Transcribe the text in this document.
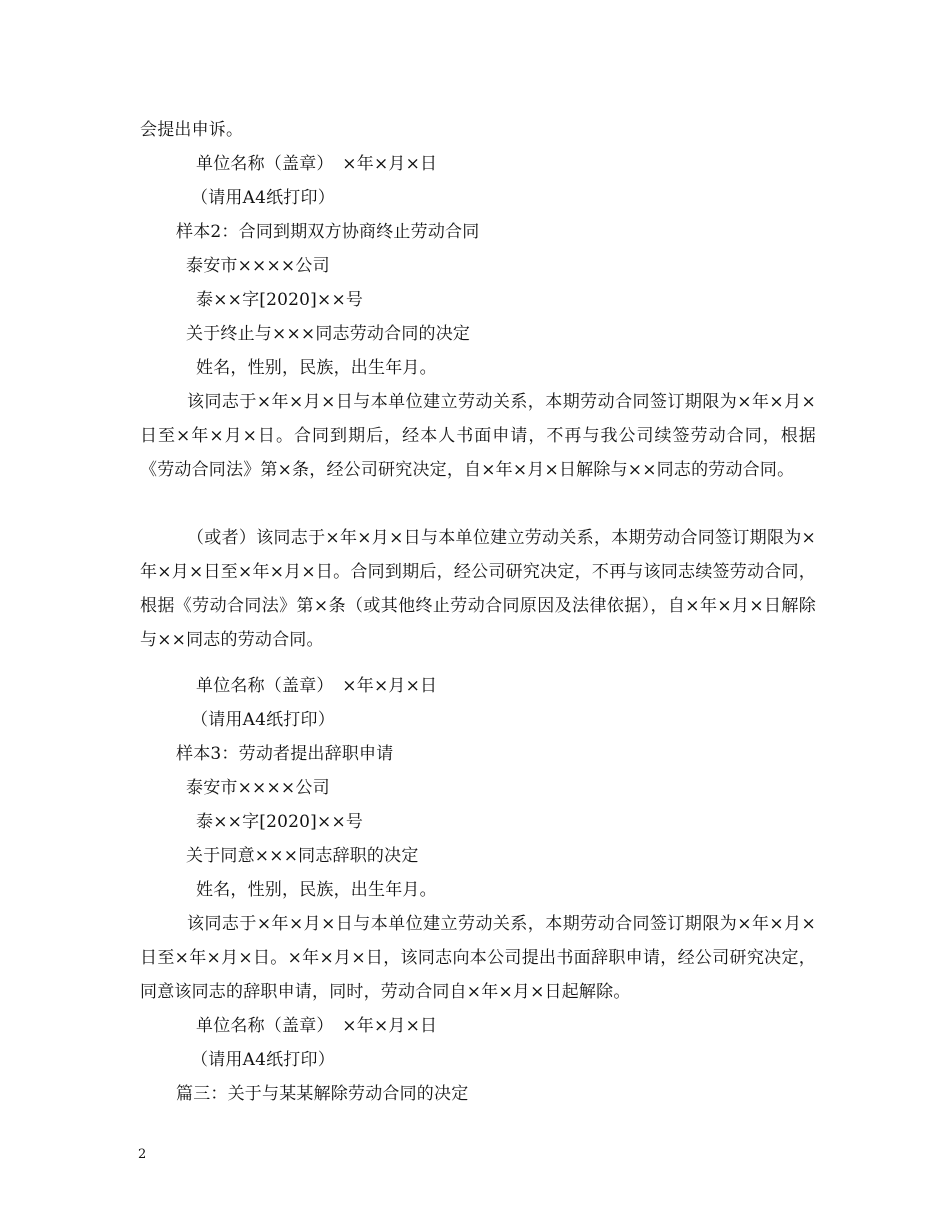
会提出申诉。
单位名称（盖章）　×年×月×日
（请用A4纸打印）
样本2：合同到期双方协商终止劳动合同
泰安市××××公司
泰××字[2020]××号
关于终止与×××同志劳动合同的决定
姓名，性别，民族，出生年月。
该同志于×年×月×日与本单位建立劳动关系，本期劳动合同签订期限为×年×月×日至×年×月×日。合同到期后，经本人书面申请，不再与我公司续签劳动合同，根据《劳动合同法》第×条，经公司研究决定，自×年×月×日解除与××同志的劳动合同。
（或者）该同志于×年×月×日与本单位建立劳动关系，本期劳动合同签订期限为×年×月×日至×年×月×日。合同到期后，经公司研究决定，不再与该同志续签劳动合同，根据《劳动合同法》第×条（或其他终止劳动合同原因及法律依据），自×年×月×日解除与××同志的劳动合同。
单位名称（盖章）　×年×月×日
（请用A4纸打印）
样本3：劳动者提出辞职申请
泰安市××××公司
泰××字[2020]××号
关于同意×××同志辞职的决定
姓名，性别，民族，出生年月。
该同志于×年×月×日与本单位建立劳动关系，本期劳动合同签订期限为×年×月×日至×年×月×日。×年×月×日，该同志向本公司提出书面辞职申请，经公司研究决定，同意该同志的辞职申请，同时，劳动合同自×年×月×日起解除。
单位名称（盖章）　×年×月×日
（请用A4纸打印）
篇三：关于与某某解除劳动合同的决定
2
